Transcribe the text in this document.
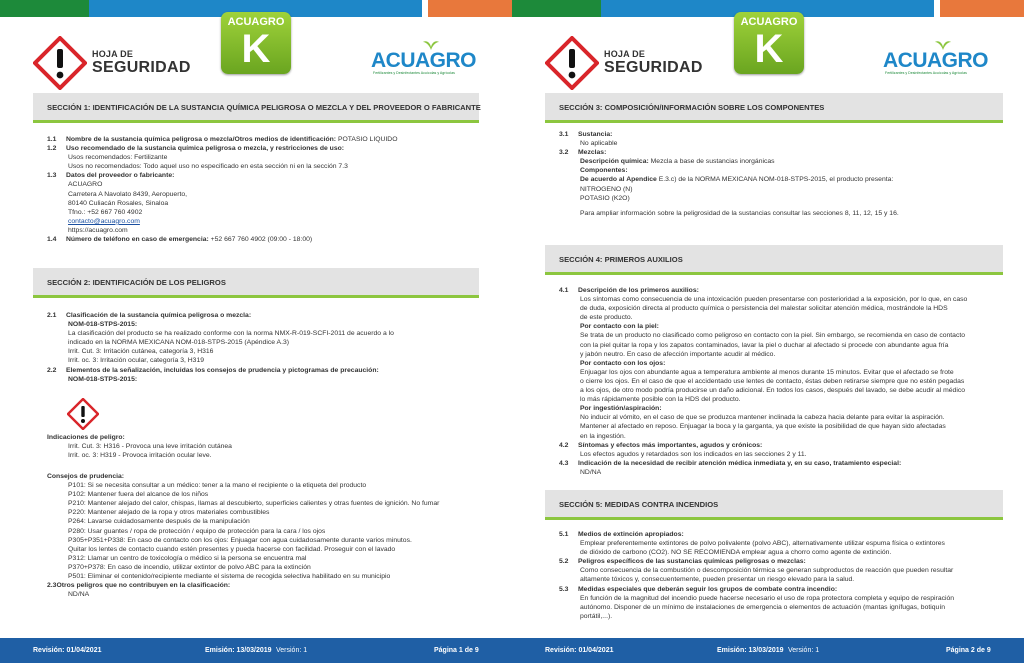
HOJA DE
SEGURIDAD
ACUAGRO
K	ACUAGRO
Fertilizantes y Desinfectantes Acuícolas y Agrícolas
SECCIÓN 1: IDENTIFICACIÓN DE LA SUSTANCIA QUÍMICA PELIGROSA O MEZCLA Y DEL PROVEEDOR O FABRICANTE
1.1 Nombre de la sustancia química peligrosa o mezcla/Otros medios de identificación: POTASIO LIQUIDO
1.2 Uso recomendado de la sustancia química peligrosa o mezcla, y restricciones de uso:
Usos recomendados: Fertilizante
Usos no recomendados: Todo aquel uso no especificado en esta sección ni en la sección 7.3
1.3 Datos del proveedor o fabricante:
ACUAGRO
Carretera A Navolato 8439, Aeropuerto,
80140 Culiacán Rosales, Sinaloa
Tfno.: +52 667 760 4902
contacto@acuagro.com
https://acuagro.com
1.4 Número de teléfono en caso de emergencia: +52 667 760 4902 (09:00 - 18:00)
SECCIÓN 2: IDENTIFICACIÓN DE LOS PELIGROS
2.1 Clasificación de la sustancia química peligrosa o mezcla:
NOM-018-STPS-2015:
La clasificación del producto se ha realizado conforme con la norma NMX-R-019-SCFI-2011 de acuerdo a lo
indicado en la NORMA MEXICANA NOM-018-STPS-2015 (Apéndice A.3)
Irrit. Cut. 3: Irritación cutánea, categoría 3, H316
Irrit. oc. 3: Irritación ocular, categoría 3, H319
2.2 Elementos de la señalización, incluidas los consejos de prudencia y pictogramas de precaución:
NOM-018-STPS-2015:
Indicaciones de peligro:
Irrit. Cut. 3: H316 - Provoca una leve irritación cutánea
Irrit. oc. 3: H319 - Provoca irritación ocular leve.
Consejos de prudencia:
P101: Si se necesita consultar a un médico: tener a la mano el recipiente o la etiqueta del producto
P102: Mantener fuera del alcance de los niños
P210: Mantener alejado del calor, chispas, llamas al descubierto, superficies calientes y otras fuentes de ignición. No fumar
P220: Mantener alejado de la ropa y otros materiales combustibles
P264: Lavarse cuidadosamente después de la manipulación
P280: Usar guantes / ropa de protección / equipo de protección para la cara / los ojos
P305+P351+P338: En caso de contacto con los ojos: Enjuagar con agua cuidadosamente durante varios minutos.
Quitar los lentes de contacto cuando estén presentes y pueda hacerse con facilidad. Proseguir con el lavado
P312: Llamar un centro de toxicología o médico si la persona se encuentra mal
P370+P378: En caso de incendio, utilizar extintor de polvo ABC para la extinción
P501: Eliminar el contenido/recipiente mediante el sistema de recogida selectiva habilitado en su municipio
2.3Otros peligros que no contribuyen en la clasificación:
ND/NA
Revisión: 01/04/2021	Emisión: 13/03/2019 Versión: 1	Página 1 de 9
HOJA DE
SEGURIDAD
ACUAGRO
K	ACUAGRO
Fertilizantes y Desinfectantes Acuícolas y Agrícolas
SECCIÓN 3: COMPOSICIÓN/INFORMACIÓN SOBRE LOS COMPONENTES
3.1 Sustancia:
No aplicable
3.2 Mezclas:
Descripción química: Mezcla a base de sustancias inorgánicas
Componentes:
De acuerdo al Apendice E.3.c) de la NORMA MEXICANA NOM-018-STPS-2015, el producto presenta:
NITROGENO (N)
POTASIO (K2O)
Para ampliar información sobre la peligrosidad de la sustancias consultar las secciones 8, 11, 12, 15 y 16.
SECCIÓN 4: PRIMEROS AUXILIOS
4.1 Descripción de los primeros auxilios:
Los síntomas como consecuencia de una intoxicación pueden presentarse con posterioridad a la exposición, por lo que, en caso
de duda, exposición directa al producto química o persistencia del malestar solicitar atención médica, mostrándole la HDS
de este producto.
Por contacto con la piel:
Se trata de un producto no clasificado como peligroso en contacto con la piel. Sin embargo, se recomienda en caso de contacto
con la piel quitar la ropa y los zapatos contaminados, lavar la piel o duchar al afectado si procede con abundante agua fría
y jabón neutro. En caso de afección importante acudir al médico.
Por contacto con los ojos:
Enjuagar los ojos con abundante agua a temperatura ambiente al menos durante 15 minutos. Evitar que el afectado se frote
o cierre los ojos. En el caso de que el accidentado use lentes de contacto, éstas deben retirarse siempre que no estén pegadas
a los ojos, de otro modo podría producirse un daño adicional. En todos los casos, después del lavado, se debe acudir al médico
lo más rápidamente posible con la HDS del producto.
Por ingestión/aspiración:
No inducir al vómito, en el caso de que se produzca mantener inclinada la cabeza hacia delante para evitar la aspiración.
Mantener al afectado en reposo. Enjuagar la boca y la garganta, ya que existe la posibilidad de que hayan sido afectadas
en la ingestión.
4.2 Síntomas y efectos más importantes, agudos y crónicos:
Los efectos agudos y retardados son los indicados en las secciones 2 y 11.
4.3 Indicación de la necesidad de recibir atención médica inmediata y, en su caso, tratamiento especial:
ND/NA
SECCIÓN 5: MEDIDAS CONTRA INCENDIOS
5.1 Medios de extinción apropiados:
Emplear preferentemente extintores de polvo polivalente (polvo ABC), alternativamente utilizar espuma física o extintores
de dióxido de carbono (CO2). NO SE RECOMIENDA emplear agua a chorro como agente de extinción.
5.2 Peligros específicos de las sustancias químicas peligrosas o mezclas:
Como consecuencia de la combustión o descomposición térmica se generan subproductos de reacción que pueden resultar
altamente tóxicos y, consecuentemente, pueden presentar un riesgo elevado para la salud.
5.3 Medidas especiales que deberán seguir los grupos de combate contra incendio:
En función de la magnitud del incendio puede hacerse necesario el uso de ropa protectora completa y equipo de respiración
autónomo. Disponer de un mínimo de instalaciones de emergencia o elementos de actuación (mantas ignífugas, botiquín
portátil,...).
Revisión: 01/04/2021	Emisión: 13/03/2019 Versión: 1	Página 2 de 9
